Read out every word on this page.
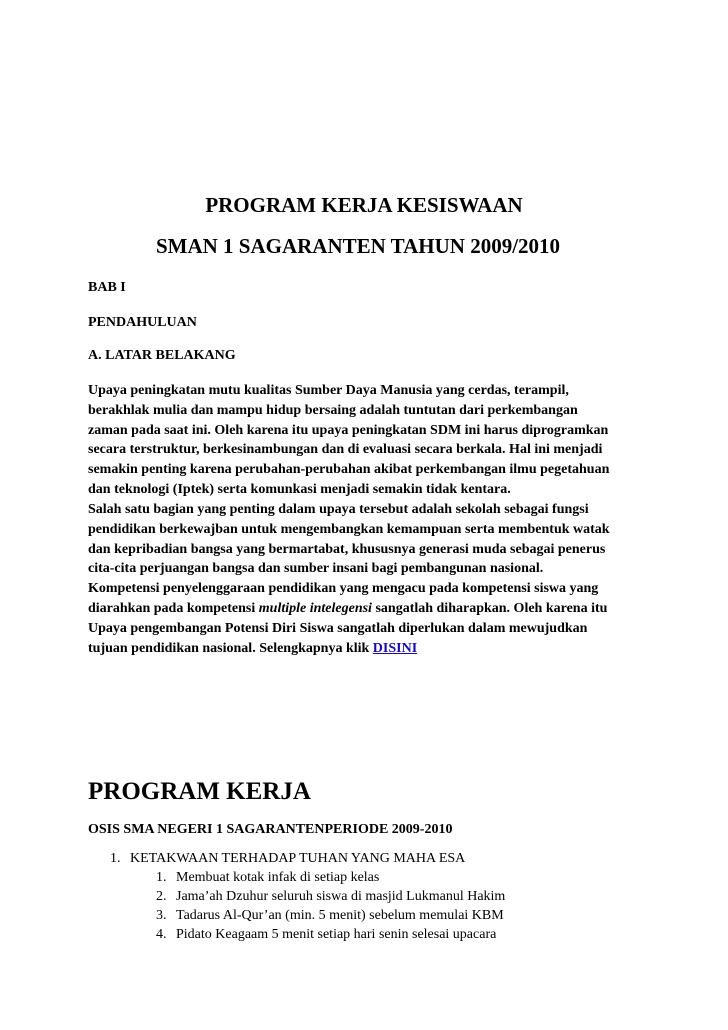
PROGRAM KERJA KESISWAAN
SMAN 1 SAGARANTEN TAHUN 2009/2010
BAB I
PENDAHULUAN
A. LATAR BELAKANG
Upaya peningkatan mutu kualitas Sumber Daya Manusia yang cerdas, terampil,
berakhlak mulia dan mampu hidup bersaing adalah tuntutan dari perkembangan
zaman pada saat ini. Oleh karena itu upaya peningkatan SDM ini harus diprogramkan
secara terstruktur, berkesinambungan dan di evaluasi secara berkala. Hal ini menjadi
semakin penting karena perubahan-perubahan akibat perkembangan ilmu pegetahuan
dan teknologi (Iptek) serta komunkasi menjadi semakin tidak kentara.
Salah satu bagian yang penting dalam upaya tersebut adalah sekolah sebagai fungsi
pendidikan berkewajban untuk mengembangkan kemampuan serta membentuk watak
dan kepribadian bangsa yang bermartabat, khususnya generasi muda sebagai penerus
cita-cita perjuangan bangsa dan sumber insani bagi pembangunan nasional.
Kompetensi penyelenggaraan pendidikan yang mengacu pada kompetensi siswa yang
diarahkan pada kompetensi multiple intelegensi sangatlah diharapkan. Oleh karena itu
Upaya pengembangan Potensi Diri Siswa sangatlah diperlukan dalam mewujudkan
tujuan pendidikan nasional. Selengkapnya klik DISINI
PROGRAM KERJA
OSIS SMA NEGERI 1 SAGARANTENPERIODE 2009-2010
1. KETAKWAAN TERHADAP TUHAN YANG MAHA ESA
1. Membuat kotak infak di setiap kelas
2. Jama’ah Dzuhur seluruh siswa di masjid Lukmanul Hakim
3. Tadarus Al-Qur’an (min. 5 menit) sebelum memulai KBM
4. Pidato Keagaam 5 menit setiap hari senin selesai upacara
